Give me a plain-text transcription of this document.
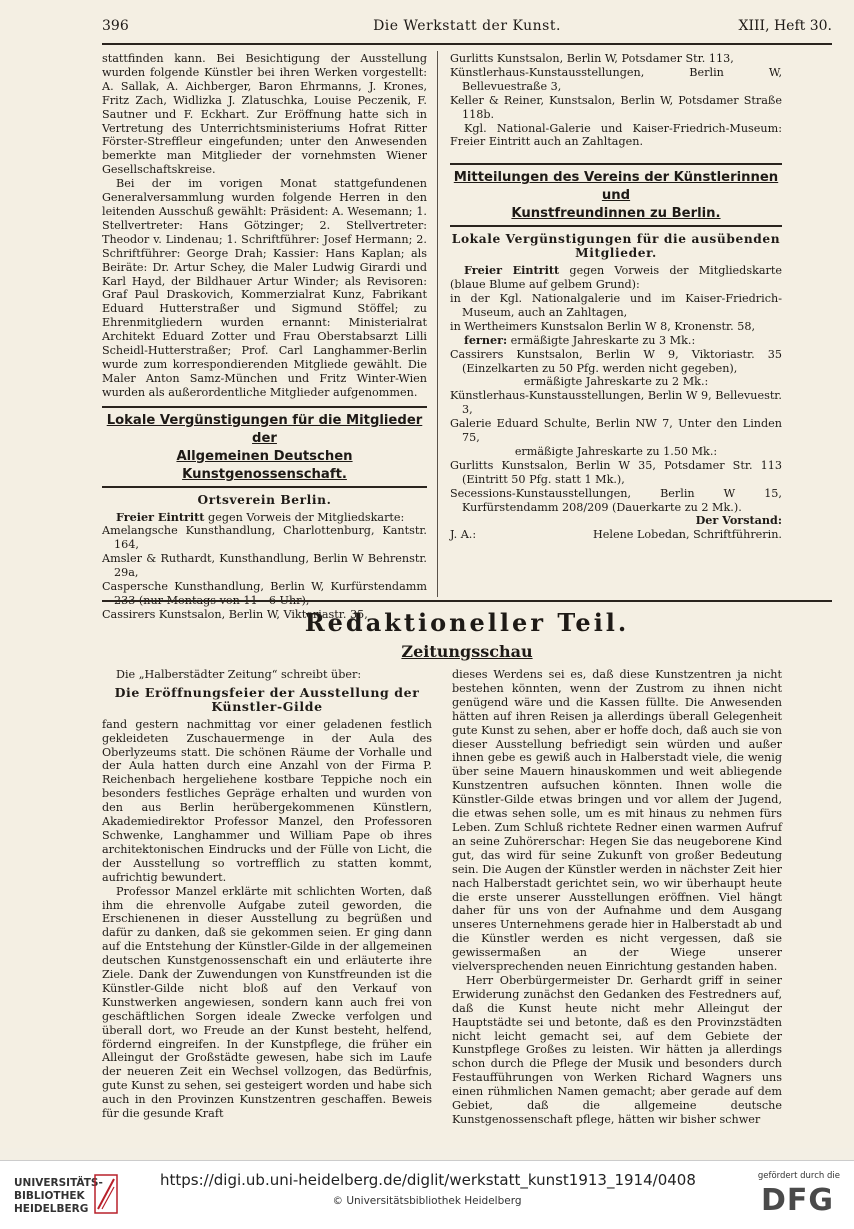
396	Die Werkstatt der Kunst.	XIII, Heft 30.

stattfinden kann. Bei Besichtigung der Ausstellung wurden folgende Künstler bei ihren Werken vorgestellt: A. Sallak, A. Aichberger, Baron Ehrmanns, J. Krones, Fritz Zach, Widlizka J. Zlatuschka, Louise Peczenik, F. Sautner und F. Eckhart. Zur Eröffnung hatte sich in Vertretung des Unterrichtsministeriums Hofrat Ritter Förster-Streffleur eingefunden; unter den Anwesenden bemerkte man Mitglieder der vornehmsten Wiener Gesellschaftskreise.

Bei der im vorigen Monat stattgefundenen Generalversammlung wurden folgende Herren in den leitenden Ausschuß gewählt: Präsident: A. Wesemann; 1. Stellvertreter: Hans Götzinger; 2. Stellvertreter: Theodor v. Lindenau; 1. Schriftführer: Josef Hermann; 2. Schriftführer: George Drah; Kassier: Hans Kaplan; als Beiräte: Dr. Artur Schey, die Maler Ludwig Girardi und Karl Hayd, der Bildhauer Artur Winder; als Revisoren: Graf Paul Draskovich, Kommerzialrat Kunz, Fabrikant Eduard Hutterstraßer und Sigmund Stöffel; zu Ehrenmitgliedern wurden ernannt: Ministerialrat Architekt Eduard Zotter und Frau Oberstabsarzt Lilli Scheidl-Hutterstraßer; Prof. Carl Langhammer-Berlin wurde zum korrespondierenden Mitgliede gewählt. Die Maler Anton Samz-München und Fritz Winter-Wien wurden als außerordentliche Mitglieder aufgenommen.

Lokale Vergünstigungen für die Mitglieder der
Allgemeinen Deutschen Kunstgenossenschaft.
Ortsverein Berlin.

Freier Eintritt gegen Vorweis der Mitgliedskarte:

Amelangsche Kunsthandlung, Charlottenburg, Kantstr. 164,

Amsler & Ruthardt, Kunsthandlung, Berlin W Behrenstr. 29a,

Caspersche Kunsthandlung, Berlin W, Kurfürstendamm 233 (nur Montags von 11—6 Uhr),

Cassirers Kunstsalon, Berlin W, Viktoriastr. 35,

Gurlitts Kunstsalon, Berlin W, Potsdamer Str. 113,

Künstlerhaus-Kunstausstellungen, Berlin W, Bellevuestraße 3,

Keller & Reiner, Kunstsalon, Berlin W, Potsdamer Straße 118b.

Kgl. National-Galerie und Kaiser-Friedrich-Museum: Freier Eintritt auch an Zahltagen.

Mitteilungen des Vereins der Künstlerinnen und
Kunstfreundinnen zu Berlin.
Lokale Vergünstigungen für die ausübenden Mitglieder.

Freier Eintritt gegen Vorweis der Mitgliedskarte (blaue Blume auf gelbem Grund):

in der Kgl. Nationalgalerie und im Kaiser-Friedrich-Museum, auch an Zahltagen,

in Wertheimers Kunstsalon Berlin W 8, Kronenstr. 58,

ferner: ermäßigte Jahreskarte zu 3 Mk.:

Cassirers Kunstsalon, Berlin W 9, Viktoriastr. 35 (Einzelkarten zu 50 Pfg. werden nicht gegeben),

ermäßigte Jahreskarte zu 2 Mk.:

Künstlerhaus-Kunstausstellungen, Berlin W 9, Bellevuestr. 3,

Galerie Eduard Schulte, Berlin NW 7, Unter den Linden 75,

ermäßigte Jahreskarte zu 1.50 Mk.:

Gurlitts Kunstsalon, Berlin W 35, Potsdamer Str. 113 (Eintritt 50 Pfg. statt 1 Mk.),

Secessions-Kunstausstellungen, Berlin W 15, Kurfürstendamm 208/209 (Dauerkarte zu 2 Mk.).

Der Vorstand:

J. A.:	Helene Lobedan, Schriftführerin.

Redaktioneller Teil.
Zeitungsschau

Die „Halberstädter Zeitung“ schreibt über:

Die Eröffnungsfeier der Ausstellung der Künstler-Gilde

fand gestern nachmittag vor einer geladenen festlich gekleideten Zuschauermenge in der Aula des Oberlyzeums statt. Die schönen Räume der Vorhalle und der Aula hatten durch eine Anzahl von der Firma P. Reichenbach hergeliehene kostbare Teppiche noch ein besonders festliches Gepräge erhalten und wurden von den aus Berlin herübergekommenen Künstlern, Akademiedirektor Professor Manzel, den Professoren Schwenke, Langhammer und William Pape ob ihres architektonischen Eindrucks und der Fülle von Licht, die der Ausstellung so vortrefflich zu statten kommt, aufrichtig bewundert.

Professor Manzel erklärte mit schlichten Worten, daß ihm die ehrenvolle Aufgabe zuteil geworden, die Erschienenen in dieser Ausstellung zu begrüßen und dafür zu danken, daß sie gekommen seien. Er ging dann auf die Entstehung der Künstler-Gilde in der allgemeinen deutschen Kunstgenossenschaft ein und erläuterte ihre Ziele. Dank der Zuwendungen von Kunstfreunden ist die Künstler-Gilde nicht bloß auf den Verkauf von Kunstwerken angewiesen, sondern kann auch frei von geschäftlichen Sorgen ideale Zwecke verfolgen und überall dort, wo Freude an der Kunst besteht, helfend, fördernd eingreifen. In der Kunstpflege, die früher ein Alleingut der Großstädte gewesen, habe sich im Laufe der neueren Zeit ein Wechsel vollzogen, das Bedürfnis, gute Kunst zu sehen, sei gesteigert worden und habe sich auch in den Provinzen Kunstzentren geschaffen. Beweis für die gesunde Kraft

dieses Werdens sei es, daß diese Kunstzentren ja nicht bestehen könnten, wenn der Zustrom zu ihnen nicht genügend wäre und die Kassen füllte. Die Anwesenden hätten auf ihren Reisen ja allerdings überall Gelegenheit gute Kunst zu sehen, aber er hoffe doch, daß auch sie von dieser Ausstellung befriedigt sein würden und außer ihnen gebe es gewiß auch in Halberstadt viele, die wenig über seine Mauern hinauskommen und weit abliegende Kunstzentren aufsuchen könnten. Ihnen wolle die Künstler-Gilde etwas bringen und vor allem der Jugend, die etwas sehen solle, um es mit hinaus zu nehmen fürs Leben. Zum Schluß richtete Redner einen warmen Aufruf an seine Zuhörerschar: Hegen Sie das neugeborene Kind gut, das wird für seine Zukunft von großer Bedeutung sein. Die Augen der Künstler werden in nächster Zeit hier nach Halberstadt gerichtet sein, wo wir überhaupt heute die erste unserer Ausstellungen eröffnen. Viel hängt daher für uns von der Aufnahme und dem Ausgang unseres Unternehmens gerade hier in Halberstadt ab und die Künstler werden es nicht vergessen, daß sie gewissermaßen an der Wiege unserer vielversprechenden neuen Einrichtung gestanden haben.

Herr Oberbürgermeister Dr. Gerhardt griff in seiner Erwiderung zunächst den Gedanken des Festredners auf, daß die Kunst heute nicht mehr Alleingut der Hauptstädte sei und betonte, daß es den Provinzstädten nicht leicht gemacht sei, auf dem Gebiete der Kunstpflege Großes zu leisten. Wir hätten ja allerdings schon durch die Pflege der Musik und besonders durch Festaufführungen von Werken Richard Wagners uns einen rühmlichen Namen gemacht; aber gerade auf dem Gebiet, daß die allgemeine deutsche Kunstgenossenschaft pflege, hätten wir bisher schwer

UNIVERSITÄTS-
BIBLIOTHEK
HEIDELBERG
https://digi.ub.uni-heidelberg.de/diglit/werkstatt_kunst1913_1914/0408
© Universitätsbibliothek Heidelberg
gefördert durch die
DFG
